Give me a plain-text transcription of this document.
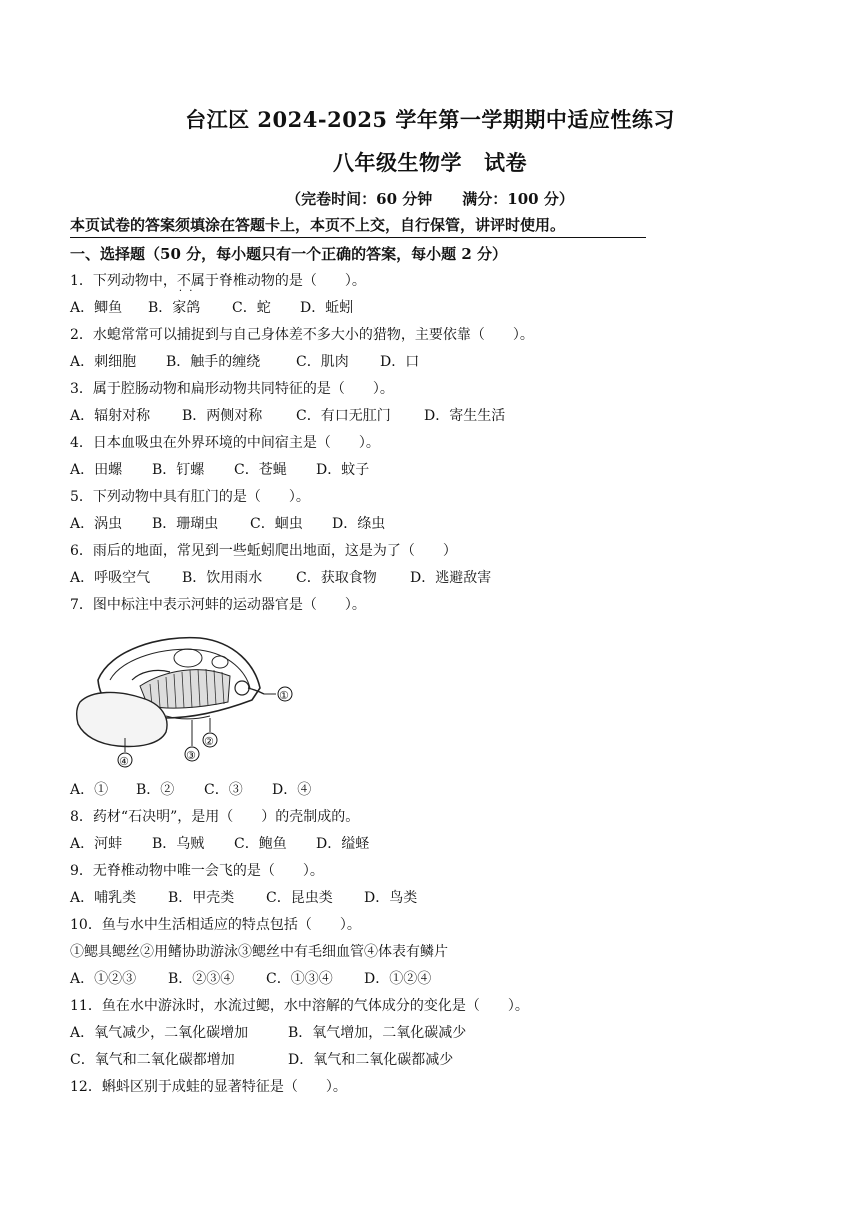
台江区 2024-2025 学年第一学期期中适应性练习
八年级生物学 试卷
（完卷时间：60 分钟 满分：100 分）
本页试卷的答案须填涂在答题卡上，本页不上交，自行保管，讲评时使用。
一、选择题（50 分，每小题只有一个正确的答案，每小题 2 分）
1．下列动物中，不属于 · ·脊椎动物的是（　　）。
A．鲫鱼 B．家鸽 C．蛇 D．蚯蚓
2．水螅常常可以捕捉到与自己身体差不多大小的猎物，主要依靠（　　）。
A．刺细胞 B．触手的缠绕	C．肌肉 D．口
3．属于腔肠动物和扁形动物共同特征的是（　　）。
A．辐射对称 B．两侧对称 C．有口无肛门 D．寄生生活
4．日本血吸虫在外界环境的中间宿主是（　　）。
A．田螺 B．钉螺 C．苍蝇 D．蚊子
5．下列动物中具有肛门的是（　　）。
A．涡虫 B．珊瑚虫 C．蛔虫 D．绦虫
6．雨后的地面，常见到一些蚯蚓爬出地面，这是为了（　　）
A．呼吸空气 B．饮用雨水 C．获取食物 D．逃避敌害
7．图中标注中表示河蚌的运动器官是（　　）。
①
②
③
④
A．① B．② C．③ D．④
8．药材“石决明”，是用（　　）的壳制成的。
A．河蚌 B．乌贼 C．鲍鱼 D．缢蛏
9．无脊椎动物中唯一会飞的是（　　）。
A．哺乳类 B．甲壳类 C．昆虫类 D．鸟类
10．鱼与水中生活相适应的特点包括（　　）。
①鳃具鳃丝②用鳍协助游泳③鳃丝中有毛细血管④体表有鳞片
A．①②③ B．②③④ C．①③④ D．①②④
11．鱼在水中游泳时，水流过鳃，水中溶解的气体成分的变化是（　　）。
A．氧气减少，二氧化碳增加	B．氧气增加，二氧化碳减少
C．氧气和二氧化碳都增加	D．氧气和二氧化碳都减少
12．蝌蚪区别于成蛙的显著特征是（　　）。
